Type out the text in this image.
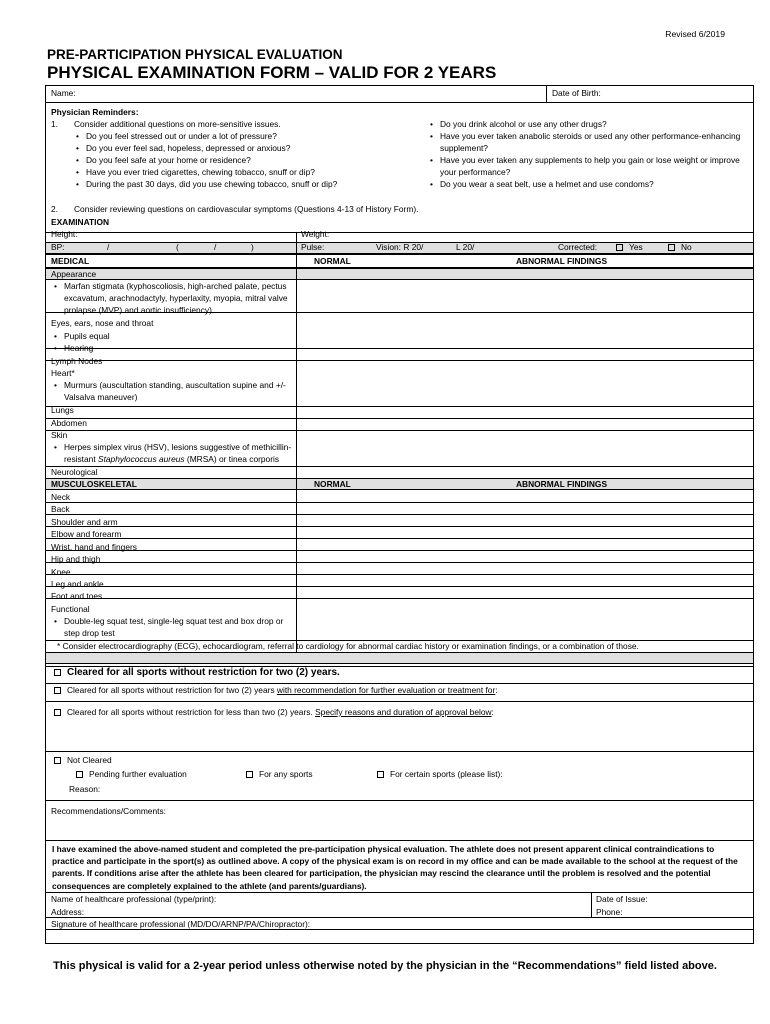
Revised 6/2019
PRE-PARTICIPATION PHYSICAL EVALUATION
PHYSICAL EXAMINATION FORM – VALID FOR 2 YEARS
Name:	Date of Birth:
Physician Reminders:
1. Consider additional questions on more-sensitive issues.
• Do you feel stressed out or under a lot of pressure?
• Do you ever feel sad, hopeless, depressed or anxious?
• Do you feel safe at your home or residence?
• Have you ever tried cigarettes, chewing tobacco, snuff or dip?
• During the past 30 days, did you use chewing tobacco, snuff or dip?
• Do you drink alcohol or use any other drugs?
• Have you ever taken anabolic steroids or used any other performance-enhancing
supplement?
• Have you ever taken any supplements to help you gain or lose weight or improve
your performance?
• Do you wear a seat belt, use a helmet and use condoms?
2. Consider reviewing questions on cardiovascular symptoms (Questions 4-13 of History Form).
EXAMINATION
Height:	Weight:
BP:	/	(	/	)	Pulse:	Vision: R 20/	L 20/	Corrected:	Yes	No
MEDICAL	NORMAL	ABNORMAL FINDINGS
Appearance
• Marfan stigmata (kyphoscoliosis, high-arched palate, pectus
excavatum, arachnodactyly, hyperlaxity, myopia, mitral valve
prolapse (MVP) and aortic insufficiency)
Eyes, ears, nose and throat
• Pupils equal
• Hearing
Lymph Nodes
Heart*
• Murmurs (auscultation standing, auscultation supine and +/-
Valsalva maneuver)
Lungs
Abdomen
Skin
• Herpes simplex virus (HSV), lesions suggestive of methicillin-
resistant Staphylococcus aureus (MRSA) or tinea corporis
Neurological
MUSCULOSKELETAL	NORMAL	ABNORMAL FINDINGS
Neck
Back
Shoulder and arm
Elbow and forearm
Wrist, hand and fingers
Hip and thigh
Knee
Leg and ankle
Foot and toes
Functional
• Double-leg squat test, single-leg squat test and box drop or
step drop test
* Consider electrocardiography (ECG), echocardiogram, referral to cardiology for abnormal cardiac history or examination findings, or a combination of those.
Cleared for all sports without restriction for two (2) years.
Cleared for all sports without restriction for two (2) years with recommendation for further evaluation or treatment for:
Cleared for all sports without restriction for less than two (2) years. Specify reasons and duration of approval below:
Not Cleared
Pending further evaluation	For any sports	For certain sports (please list):
Reason:
Recommendations/Comments:
I have examined the above-named student and completed the pre-participation physical evaluation. The athlete does not present apparent clinical contraindications to practice and participate in the sport(s) as outlined above. A copy of the physical exam is on record in my office and can be made available to the school at the request of the parents. If conditions arise after the athlete has been cleared for participation, the physician may rescind the clearance until the problem is resolved and the potential consequences are completely explained to the athlete (and parents/guardians).
Name of healthcare professional (type/print):	Date of Issue:
Address:	Phone:
Signature of healthcare professional (MD/DO/ARNP/PA/Chiropractor):
This physical is valid for a 2-year period unless otherwise noted by the physician in the “Recommendations” field listed above.
